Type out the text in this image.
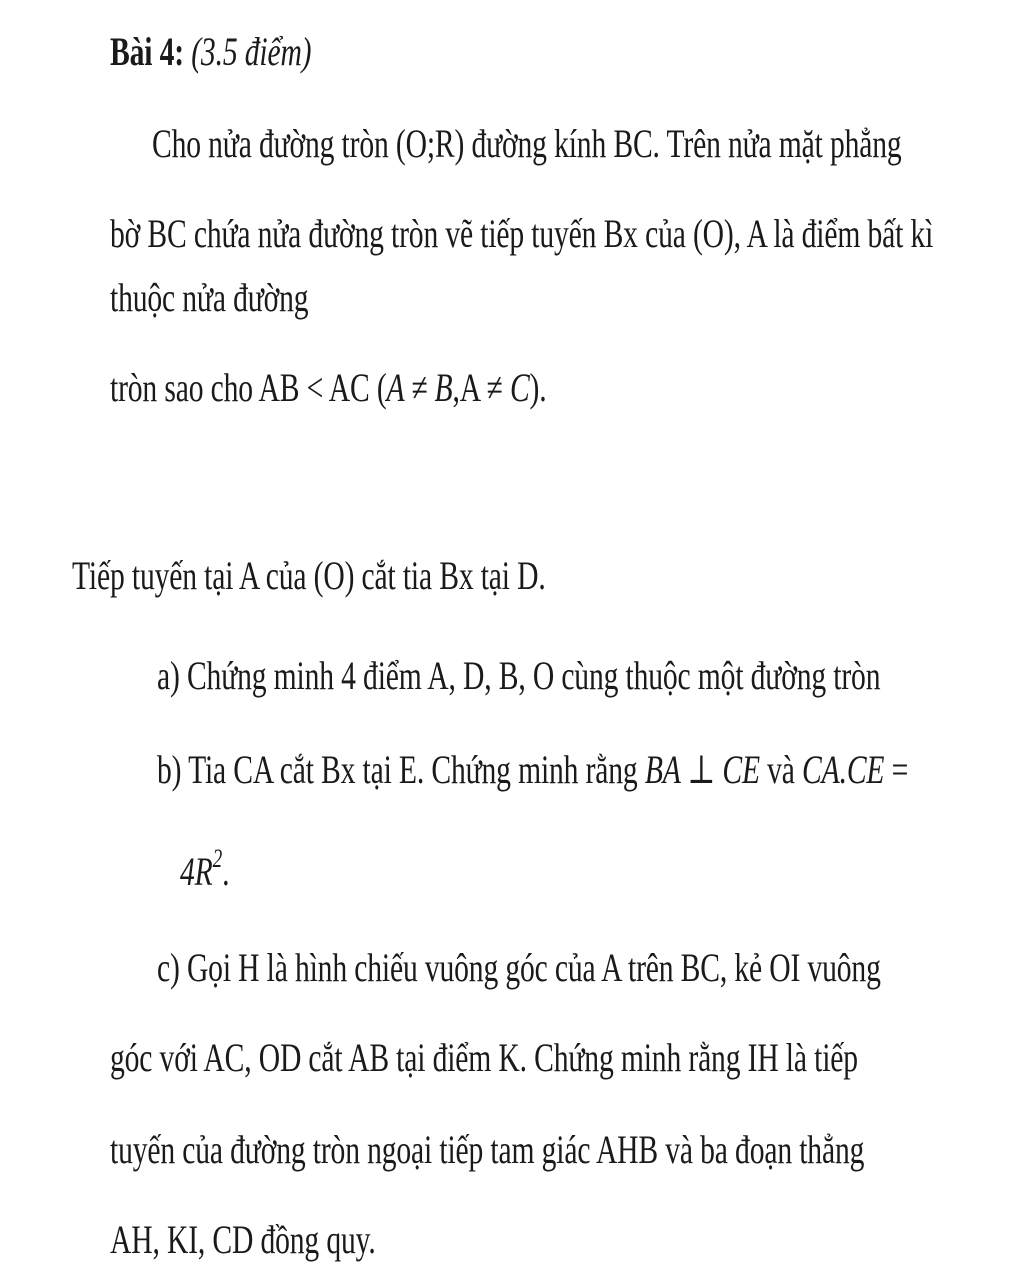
Bài 4: (3.5 điểm)
Cho nửa đường tròn (O;R) đường kính BC. Trên nửa mặt phẳng
bờ BC chứa nửa đường tròn vẽ tiếp tuyến Bx của (O), A là điểm bất kì
thuộc nửa đường
tròn sao cho AB < AC (A ≠ B,A ≠ C).
Tiếp tuyến tại A của (O) cắt tia Bx tại D.
a) Chứng minh 4 điểm A, D, B, O cùng thuộc một đường tròn
b) Tia CA cắt Bx tại E. Chứng minh rằng BA ⊥ CE và CA.CE =
$4R^2$.
c) Gọi H là hình chiếu vuông góc của A trên BC, kẻ OI vuông
góc với AC, OD cắt AB tại điểm K. Chứng minh rằng IH là tiếp
tuyến của đường tròn ngoại tiếp tam giác AHB và ba đoạn thẳng
AH, KI, CD đồng quy.
